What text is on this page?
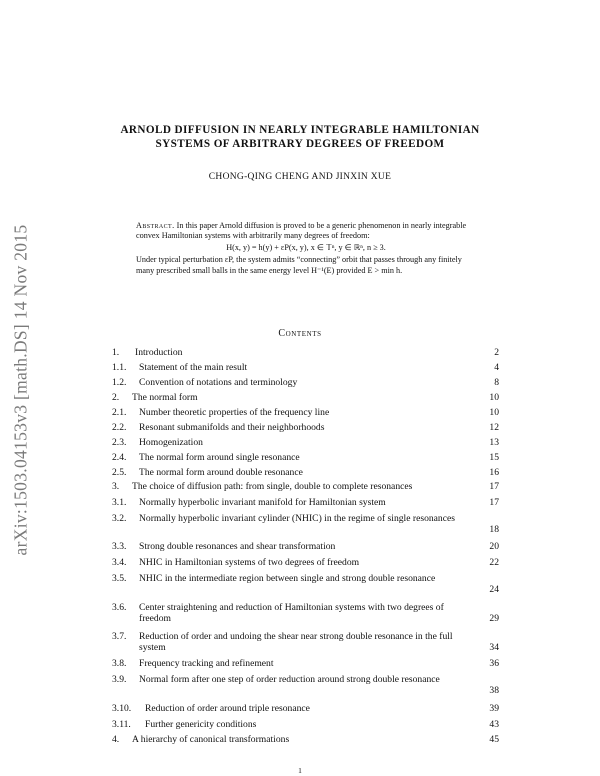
arXiv:1503.04153v3 [math.DS] 14 Nov 2015
ARNOLD DIFFUSION IN NEARLY INTEGRABLE HAMILTONIAN
SYSTEMS OF ARBITRARY DEGREES OF FREEDOM
CHONG-QING CHENG AND JINXIN XUE
Abstract. In this paper Arnold diffusion is proved to be a generic phenomenon in nearly integrable convex Hamiltonian systems with arbitrarily many degrees of freedom:
H(x, y) = h(y) + εP(x, y), x ∈ 𝕋ⁿ, y ∈ ℝⁿ, n ≥ 3.
Under typical perturbation εP, the system admits “connecting” orbit that passes through any finitely many prescribed small balls in the same energy level H⁻¹(E) provided E > min h.
Contents
1. Introduction	2
1.1. Statement of the main result	4
1.2. Convention of notations and terminology	8
2. The normal form	10
2.1. Number theoretic properties of the frequency line	10
2.2. Resonant submanifolds and their neighborhoods	12
2.3. Homogenization	13
2.4. The normal form around single resonance	15
2.5. The normal form around double resonance	16
3. The choice of diffusion path: from single, double to complete resonances	17
3.1. Normally hyperbolic invariant manifold for Hamiltonian system	17
3.2. Normally hyperbolic invariant cylinder (NHIC) in the regime of single resonances
18
3.3. Strong double resonances and shear transformation	20
3.4. NHIC in Hamiltonian systems of two degrees of freedom	22
3.5. NHIC in the intermediate region between single and strong double resonance
24
3.6. Center straightening and reduction of Hamiltonian systems with two degrees of freedom	29
3.7. Reduction of order and undoing the shear near strong double resonance in the full system	34
3.8. Frequency tracking and refinement	36
3.9. Normal form after one step of order reduction around strong double resonance
38
3.10. Reduction of order around triple resonance	39
3.11. Further genericity conditions	43
4. A hierarchy of canonical transformations	45
1
